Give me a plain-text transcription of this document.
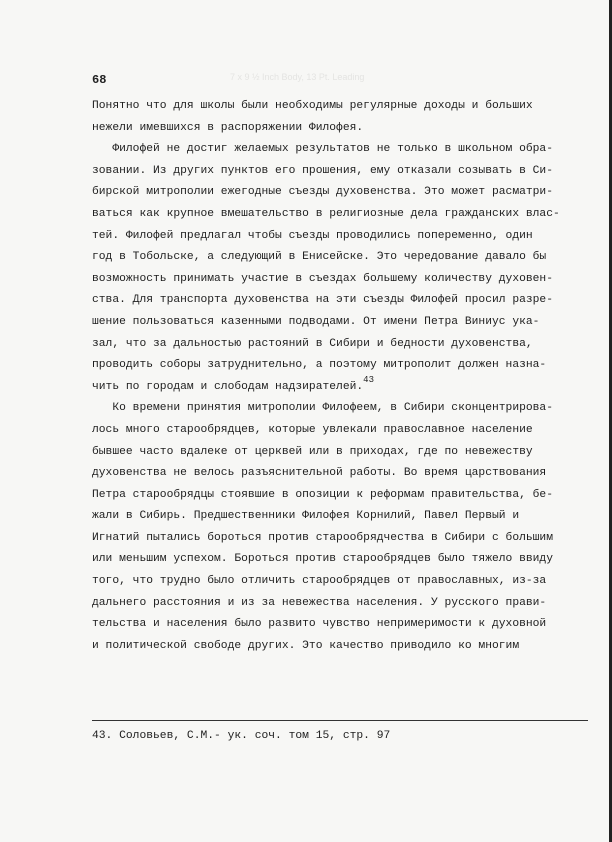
7 x 9 ½ Inch Body, 13 Pt. Leading
68
Понятно что для школы были необходимы регулярные доходы и больших
нежели имевшихся в распоряжении Филофея.
Филофей не достиг желаемых результатов не только в школьном обра-
зовании. Из других пунктов его прошения, ему отказали созывать в Си-
бирской митрополии ежегодные съезды духовенства. Это может расматри-
ваться как крупное вмешательство в религиозные дела гражданских влас-
тей. Филофей предлагал чтобы съезды проводились попеременно, один
год в Тобольске, а следующий в Енисейске. Это чередование давало бы
возможность принимать участие в съездах большему количеству духовен-
ства. Для транспорта духовенства на эти съезды Филофей просил разре-
шение пользоваться казенными подводами. От имени Петра Виниус ука-
зал, что за дальностью растояний в Сибири и бедности духовенства,
проводить соборы затруднительно, а поэтому митрополит должен назна-
чить по городам и слободам надзирателей.$^{43}$
Ко времени принятия митрополии Филофеем, в Сибири сконцентрирова-
лось много старообрядцев, которые увлекали православное население
бывшее часто вдалеке от церквей или в приходах, где по невежеству
духовенства не велось разъяснительной работы. Во время царствования
Петра старообрядцы стоявшие в опозиции к реформам правительства, бе-
жали в Сибирь. Предшественники Филофея Корнилий, Павел Первый и
Игнатий пытались бороться против старообрядчества в Сибири с большим
или меньшим успехом. Бороться против старообрядцев было тяжело ввиду
того, что трудно было отличить старообрядцев от православных, из-за
дальнего расстояния и из за невежества населения. У русского прави-
тельства и населения было развито чувство непримеримости к духовной
и политической свободе других. Это качество приводило ко многим
43. Соловьев, С.М.- ук. соч. том 15, стр. 97
